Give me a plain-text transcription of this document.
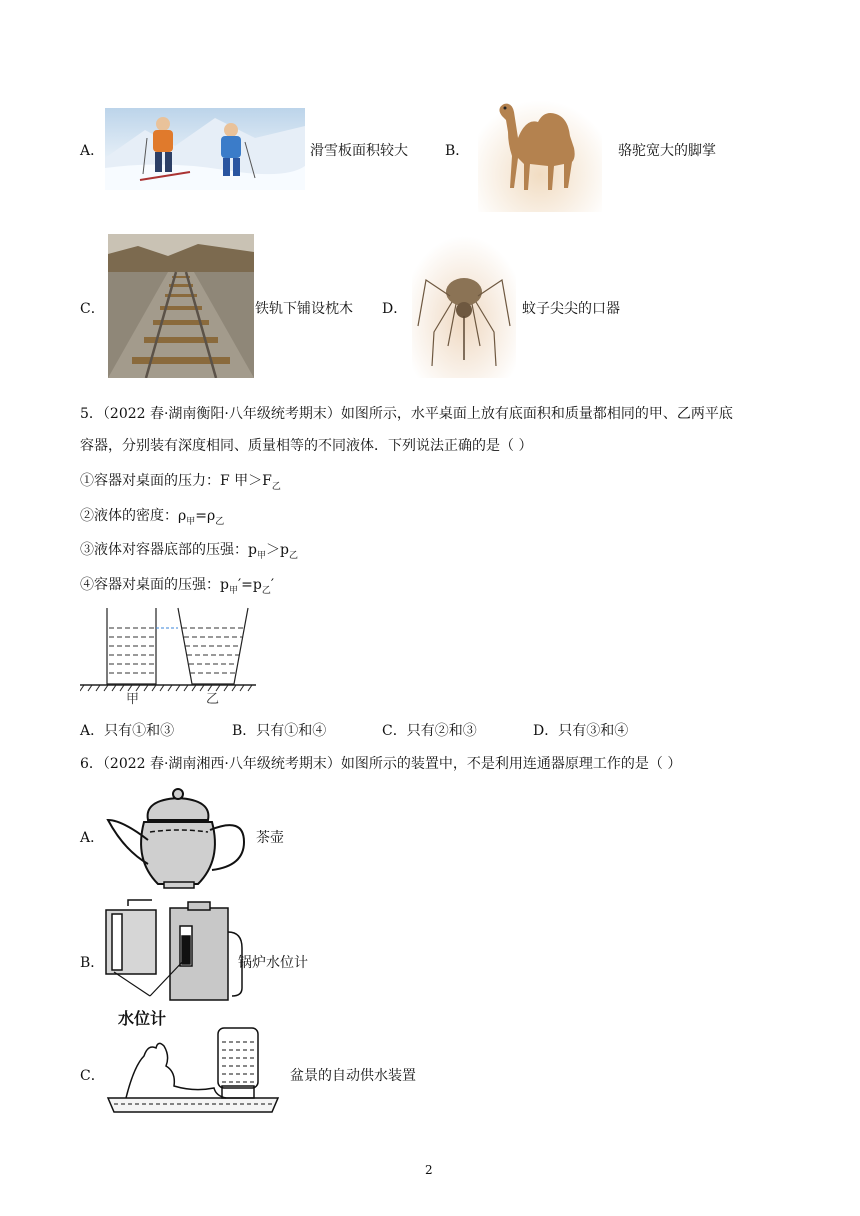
A．	滑雪板面积较大	B．	骆驼宽大的脚掌
C．	铁轨下铺设枕木 D．	蚊子尖尖的口器
5．（2022 春·湖南衡阳·八年级统考期末）如图所示，水平桌面上放有底面积和质量都相同的甲、乙两平底
容器，分别装有深度相同、质量相等的不同液体．下列说法正确的是（ ）
①容器对桌面的压力：F 甲$>F_乙$
②液体的密度：$\rho_甲=\rho_乙$
③液体对容器底部的压强：$p_甲>p_乙$
④容器对桌面的压强：$p_甲'=p_乙'$
甲	乙
A．只有①和③	B．只有①和④	C．只有②和③	D．只有③和④
6．（2022 春·湖南湘西·八年级统考期末）如图所示的装置中，不是利用连通器原理工作的是（ ）
A．	茶壶
B．
水位计
锅炉水位计
C．	盆景的自动供水装置
2
